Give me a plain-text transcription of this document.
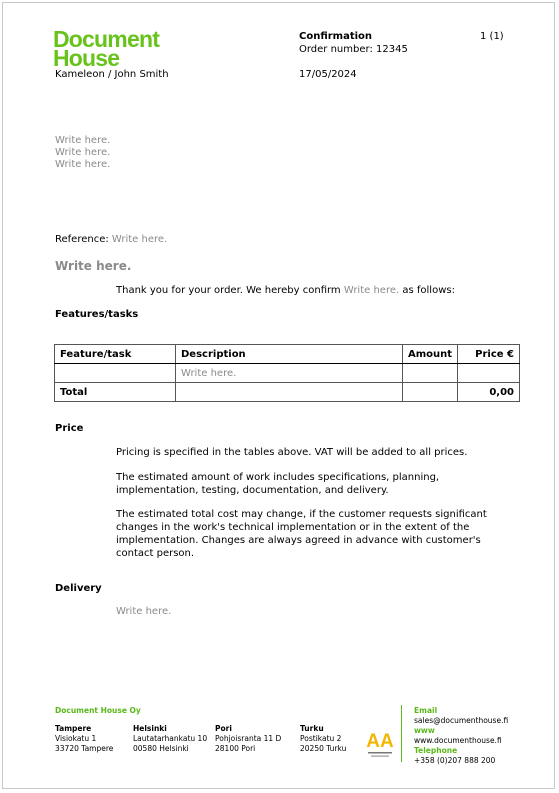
Document
House
Kameleon / John Smith
Confirmation
Order number: 12345
17/05/2024
1 (1)
Write here.
Write here.
Write here.
Reference: Write here.
Write here.
Thank you for your order. We hereby confirm Write here. as follows:
Features/tasks
Feature/task	Description	Amount	Price €
	Write here.		
Total			0,00
Price
Pricing is specified in the tables above. VAT will be added to all prices.
The estimated amount of work includes specifications, planning,
implementation, testing, documentation, and delivery.
The estimated total cost may change, if the customer requests significant
changes in the work's technical implementation or in the extent of the
implementation. Changes are always agreed in advance with customer's
contact person.
Delivery
Write here.
Document House Oy
Tampere
Visiokatu 1
33720 Tampere
Helsinki
Lautatarhankatu 10
00580 Helsinki
Pori
Pohjoisranta 11 D
28100 Pori
Turku
Postikatu 2
20250 Turku AA
Email
sales@documenthouse.fi
www
www.documenthouse.fi
Telephone
+358 (0)207 888 200
